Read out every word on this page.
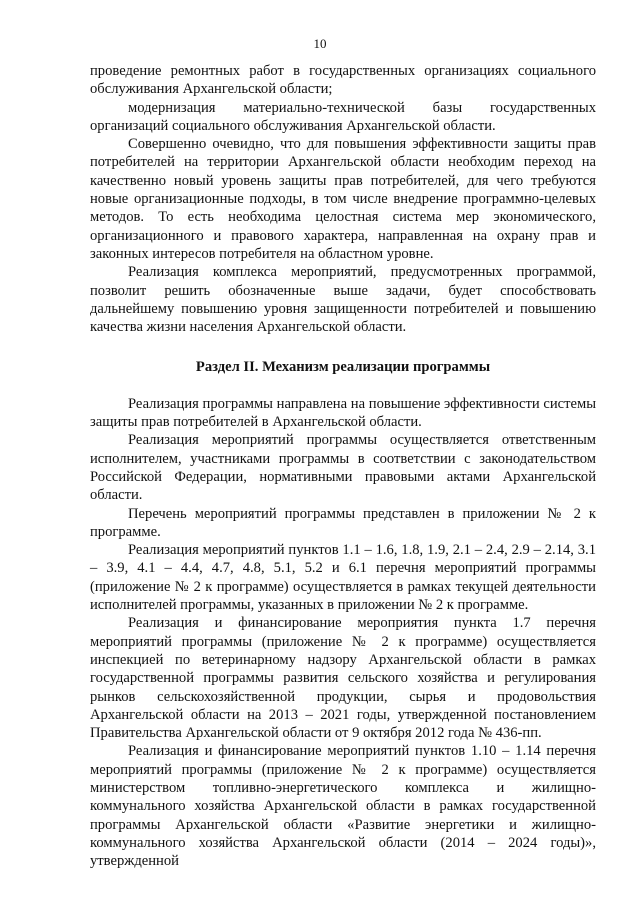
10

проведение ремонтных работ в государственных организациях социального обслуживания Архангельской области;

модернизация материально-технической базы государственных организаций социального обслуживания Архангельской области.

Совершенно очевидно, что для повышения эффективности защиты прав потребителей на территории Архангельской области необходим переход на качественно новый уровень защиты прав потребителей, для чего требуются новые организационные подходы, в том числе внедрение программно-целевых методов. То есть необходима целостная система мер экономического, организационного и правового характера, направленная на охрану прав и законных интересов потребителя на областном уровне.

Реализация комплекса мероприятий, предусмотренных программой, позволит решить обозначенные выше задачи, будет способствовать дальнейшему повышению уровня защищенности потребителей и повышению качества жизни населения Архангельской области.

Раздел II. Механизм реализации программы

Реализация программы направлена на повышение эффективности системы защиты прав потребителей в Архангельской области.

Реализация мероприятий программы осуществляется ответственным исполнителем, участниками программы в соответствии с законодательством Российской Федерации, нормативными правовыми актами Архангельской области.

Перечень мероприятий программы представлен в приложении № 2 к программе.

Реализация мероприятий пунктов 1.1 – 1.6, 1.8, 1.9, 2.1 – 2.4, 2.9 – 2.14, 3.1 – 3.9, 4.1 – 4.4, 4.7, 4.8, 5.1, 5.2 и 6.1 перечня мероприятий программы (приложение № 2 к программе) осуществляется в рамках текущей деятельности исполнителей программы, указанных в приложении № 2 к программе.

Реализация и финансирование мероприятия пункта 1.7 перечня мероприятий программы (приложение № 2 к программе) осуществляется инспекцией по ветеринарному надзору Архангельской области в рамках государственной программы развития сельского хозяйства и регулирования рынков сельскохозяйственной продукции, сырья и продовольствия Архангельской области на 2013 – 2021 годы, утвержденной постановлением Правительства Архангельской области от 9 октября 2012 года № 436-пп.

Реализация и финансирование мероприятий пунктов 1.10 – 1.14 перечня мероприятий программы (приложение № 2 к программе) осуществляется министерством топливно-энергетического комплекса и жилищно-коммунального хозяйства Архангельской области в рамках государственной программы Архангельской области «Развитие энергетики и жилищно-коммунального хозяйства Архангельской области (2014 – 2024 годы)», утвержденной
